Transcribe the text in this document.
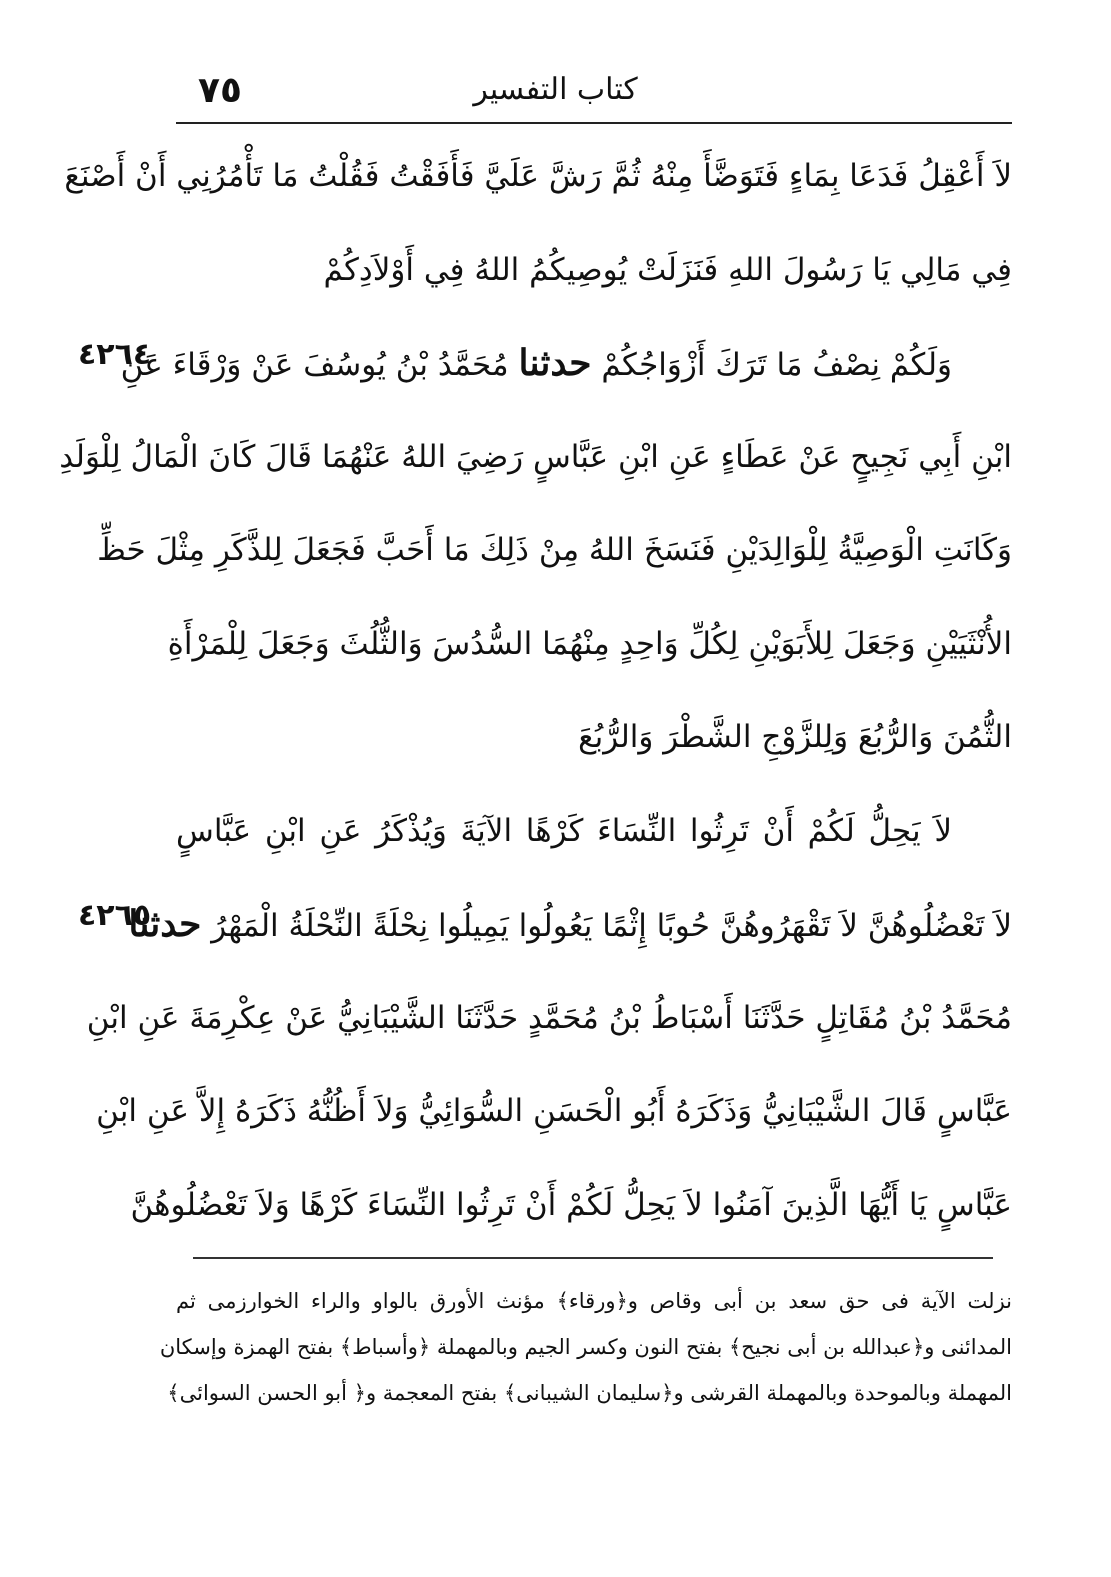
كتاب التفسير
٧٥
لاَ أَعْقِلُ فَدَعَا بِمَاءٍ فَتَوَضَّأَ مِنْهُ ثُمَّ رَشَّ عَلَيَّ فَأَفَقْتُ فَقُلْتُ مَا تَأْمُرُنِي أَنْ أَصْنَعَ
فِي مَالِي يَا رَسُولَ اللهِ فَنَزَلَتْ يُوصِيكُمُ اللهُ فِي أَوْلاَدِكُمْ
وَلَكُمْ نِصْفُ مَا تَرَكَ أَزْوَاجُكُمْ حدثنا مُحَمَّدُ بْنُ يُوسُفَ عَنْ وَرْقَاءَ عَنِ
ابْنِ أَبِي نَجِيحٍ عَنْ عَطَاءٍ عَنِ ابْنِ عَبَّاسٍ رَضِيَ اللهُ عَنْهُمَا قَالَ كَانَ الْمَالُ لِلْوَلَدِ
وَكَانَتِ الْوَصِيَّةُ لِلْوَالِدَيْنِ فَنَسَخَ اللهُ مِنْ ذَلِكَ مَا أَحَبَّ فَجَعَلَ لِلذَّكَرِ مِثْلَ حَظِّ
الأُنْثَيَيْنِ وَجَعَلَ لِلأَبَوَيْنِ لِكُلِّ وَاحِدٍ مِنْهُمَا السُّدُسَ وَالثُّلُثَ وَجَعَلَ لِلْمَرْأَةِ
الثُّمُنَ وَالرُّبُعَ وَلِلزَّوْجِ الشَّطْرَ وَالرُّبُعَ
لاَ يَحِلُّ لَكُمْ أَنْ تَرِثُوا النِّسَاءَ كَرْهًا الآيَةَ وَيُذْكَرُ عَنِ ابْنِ عَبَّاسٍ
لاَ تَعْضُلُوهُنَّ لاَ تَقْهَرُوهُنَّ حُوبًا إِثْمًا يَعُولُوا يَمِيلُوا نِحْلَةً النِّحْلَةُ الْمَهْرُ حدثنا
مُحَمَّدُ بْنُ مُقَاتِلٍ حَدَّثَنَا أَسْبَاطُ بْنُ مُحَمَّدٍ حَدَّثَنَا الشَّيْبَانِيُّ عَنْ عِكْرِمَةَ عَنِ ابْنِ
عَبَّاسٍ قَالَ الشَّيْبَانِيُّ وَذَكَرَهُ أَبُو الْحَسَنِ السُّوَائِيُّ وَلاَ أَظُنُّهُ ذَكَرَهُ إِلاَّ عَنِ ابْنِ
عَبَّاسٍ يَا أَيُّهَا الَّذِينَ آمَنُوا لاَ يَحِلُّ لَكُمْ أَنْ تَرِثُوا النِّسَاءَ كَرْهًا وَلاَ تَعْضُلُوهُنَّ
٤٢٦٤
٤٢٦٥
نزلت الآية فى حق سعد بن أبى وقاص و﴿ورقاء﴾ مؤنث الأورق بالواو والراء الخوارزمى ثم
المدائنى و﴿عبدالله بن أبى نجيح﴾ بفتح النون وكسر الجيم وبالمهملة ﴿وأسباط﴾ بفتح الهمزة وإسكان
المهملة وبالموحدة وبالمهملة القرشى و﴿سليمان الشيبانى﴾ بفتح المعجمة و﴿ أبو الحسن السوائى﴾
